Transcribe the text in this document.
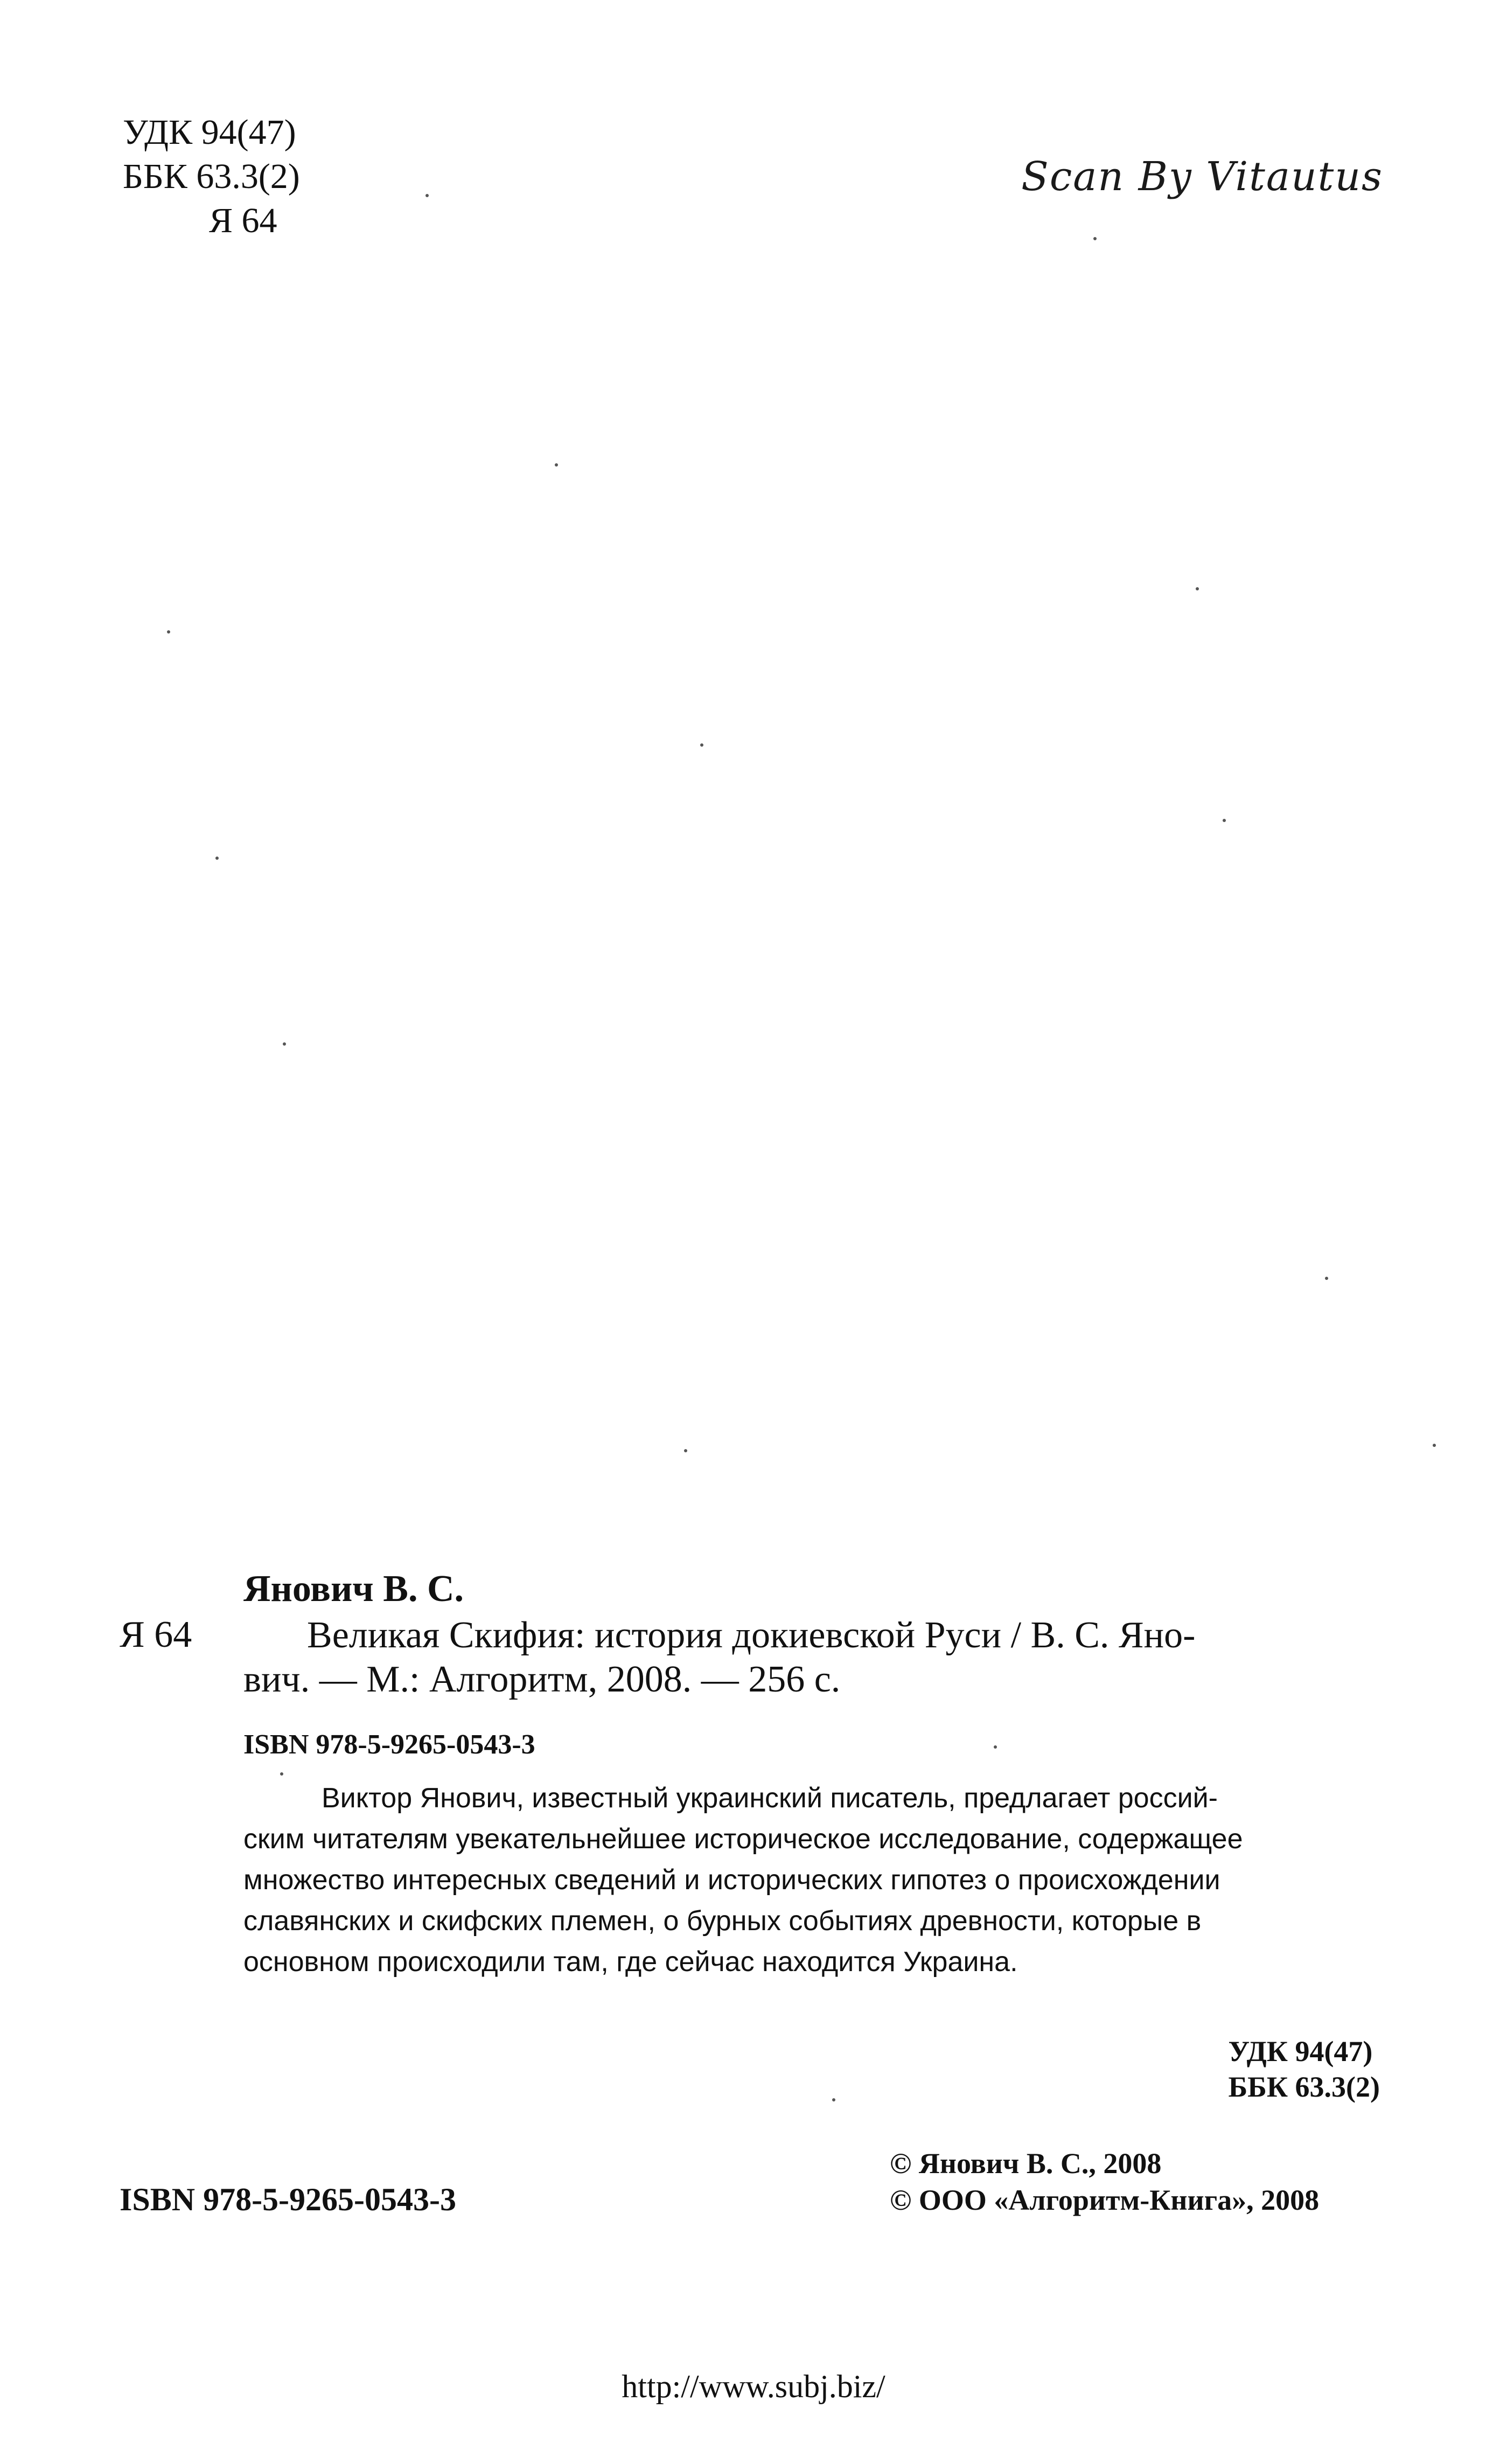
УДК 94(47)
ББК 63.3(2)
Я 64
Scan By Vitautus
Янович В. С.
Я 64	Великая Скифия: история докиевской Руси / В. С. Яно-
вич. — М.: Алгоритм, 2008. — 256 с.
ISBN 978-5-9265-0543-3
Виктор Янович, известный украинский писатель, предлагает россий-
ским читателям увекательнейшее историческое исследование, содержащее
множество интересных сведений и исторических гипотез о происхождении
славянских и скифских племен, о бурных событиях древности, которые в
основном происходили там, где сейчас находится Украина.
УДК 94(47)
ББК 63.3(2)
ISBN 978-5-9265-0543-3
© Янович В. С., 2008
© ООО «Алгоритм-Книга», 2008
http://www.subj.biz/
